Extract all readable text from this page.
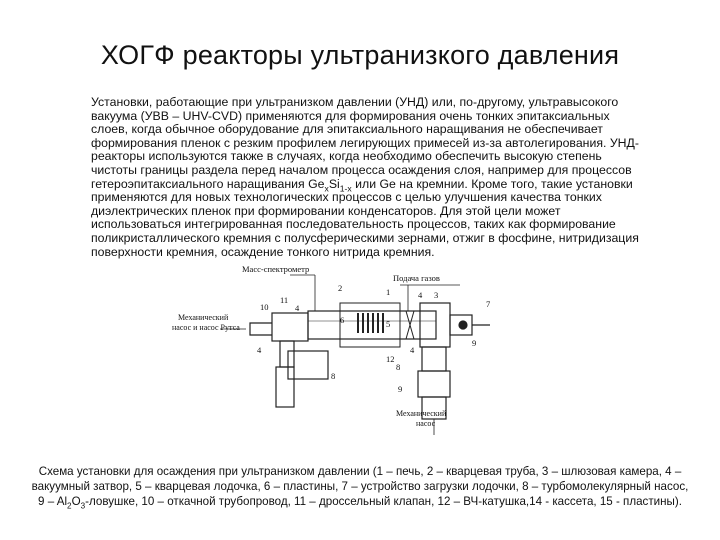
ХОГФ реакторы ультранизкого давления

Установки, работающие при ультранизком давлении (УНД) или, по-другому, ультравысокого

вакуума (УВВ – UHV-CVD) применяются для формирования очень тонких эпитаксиальных

слоев, когда обычное оборудование для эпитаксиального наращивания не обеспечивает

формирования пленок с резким профилем легирующих примесей из-за автолегирования. УНД-

реакторы используются также в случаях, когда необходимо обеспечить высокую степень

чистоты границы раздела перед началом процесса осаждения слоя, например для процессов

гетероэпитаксиального наращивания $Ge_xSi_{1-x}$ или Ge на кремнии. Кроме того, такие установки

применяются для новых технологических процессов с целью улучшения качества тонких

диэлектрических пленок при формировании конденсаторов. Для этой цели может

использоваться интегрированная последовательность процессов, таких как формирование

поликристаллического кремния с полусферическими зернами, отжиг в фосфине, нитридизация

поверхности кремния, осаждение тонкого нитрида кремния.

Масс-спектрометр
Подача газов
Механический
насос и насос Рутса
Механический
насос
1
2
3
4
4
4	4
5
6
7
8
8
9
9
10
11
12

Схема установки для осаждения при ультранизком давлении (1 – печь, 2 – кварцевая труба, 3 – шлюзовая камера, 4 –

вакуумный затвор, 5 – кварцевая лодочка, 6 – пластины, 7 – устройство загрузки лодочки, 8 – турбомолекулярный насос,

$9 - Al_2O_3$-ловушке, 10 – откачной трубопровод, 11 – дроссельный клапан, 12 – ВЧ-катушка,14 - кассета, 15 - пластины).
